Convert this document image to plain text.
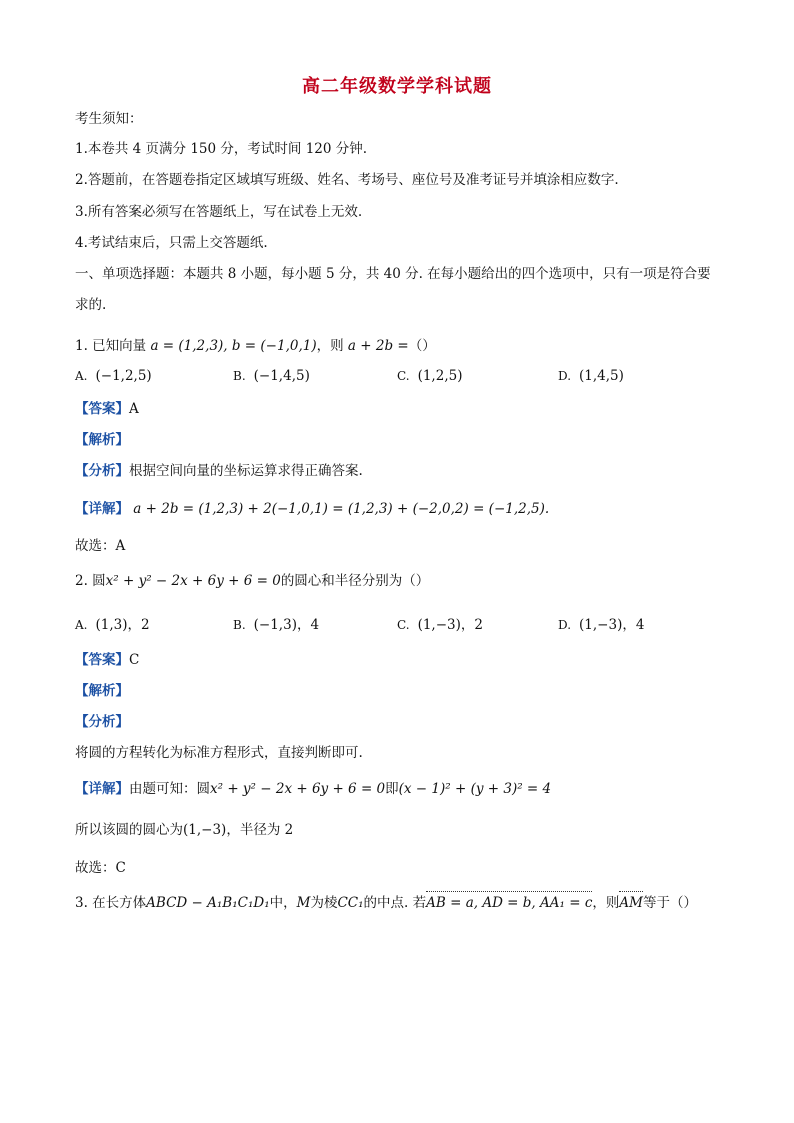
高二年级数学学科试题
考生须知：
1.本卷共 4 页满分 150 分，考试时间 120 分钟.
2.答题前，在答题卷指定区域填写班级、姓名、考场号、座位号及准考证号并填涂相应数字.
3.所有答案必须写在答题纸上，写在试卷上无效.
4.考试结束后，只需上交答题纸.
一、单项选择题：本题共 8 小题，每小题 5 分，共 40 分. 在每小题给出的四个选项中，只有一项是符合要
求的.
1. 已知向量 a = (1,2,3), b = (−1,0,1)，则 a + 2b =（）
A. (−1,2,5)	B. (−1,4,5)	C. (1,2,5)	D. (1,4,5)
【答案】A
【解析】
【分析】根据空间向量的坐标运算求得正确答案.
【详解】 a + 2b = (1,2,3) + 2(−1,0,1) = (1,2,3) + (−2,0,2) = (−1,2,5).
故选：A
2. 圆x² + y² − 2x + 6y + 6 = 0的圆心和半径分别为（）
A. (1,3)，2	B. (−1,3)，4	C. (1,−3)，2	D. (1,−3)，4
【答案】C
【解析】
【分析】
将圆的方程转化为标准方程形式，直接判断即可.
【详解】由题可知：圆x² + y² − 2x + 6y + 6 = 0即(x − 1)² + (y + 3)² = 4
所以该圆的圆心为(1,−3)，半径为 2
故选：C
3. 在长方体ABCD − A₁B₁C₁D₁中，M为棱CC₁的中点. 若AB = a, AD = b, AA₁ = c，则AM等于（）
